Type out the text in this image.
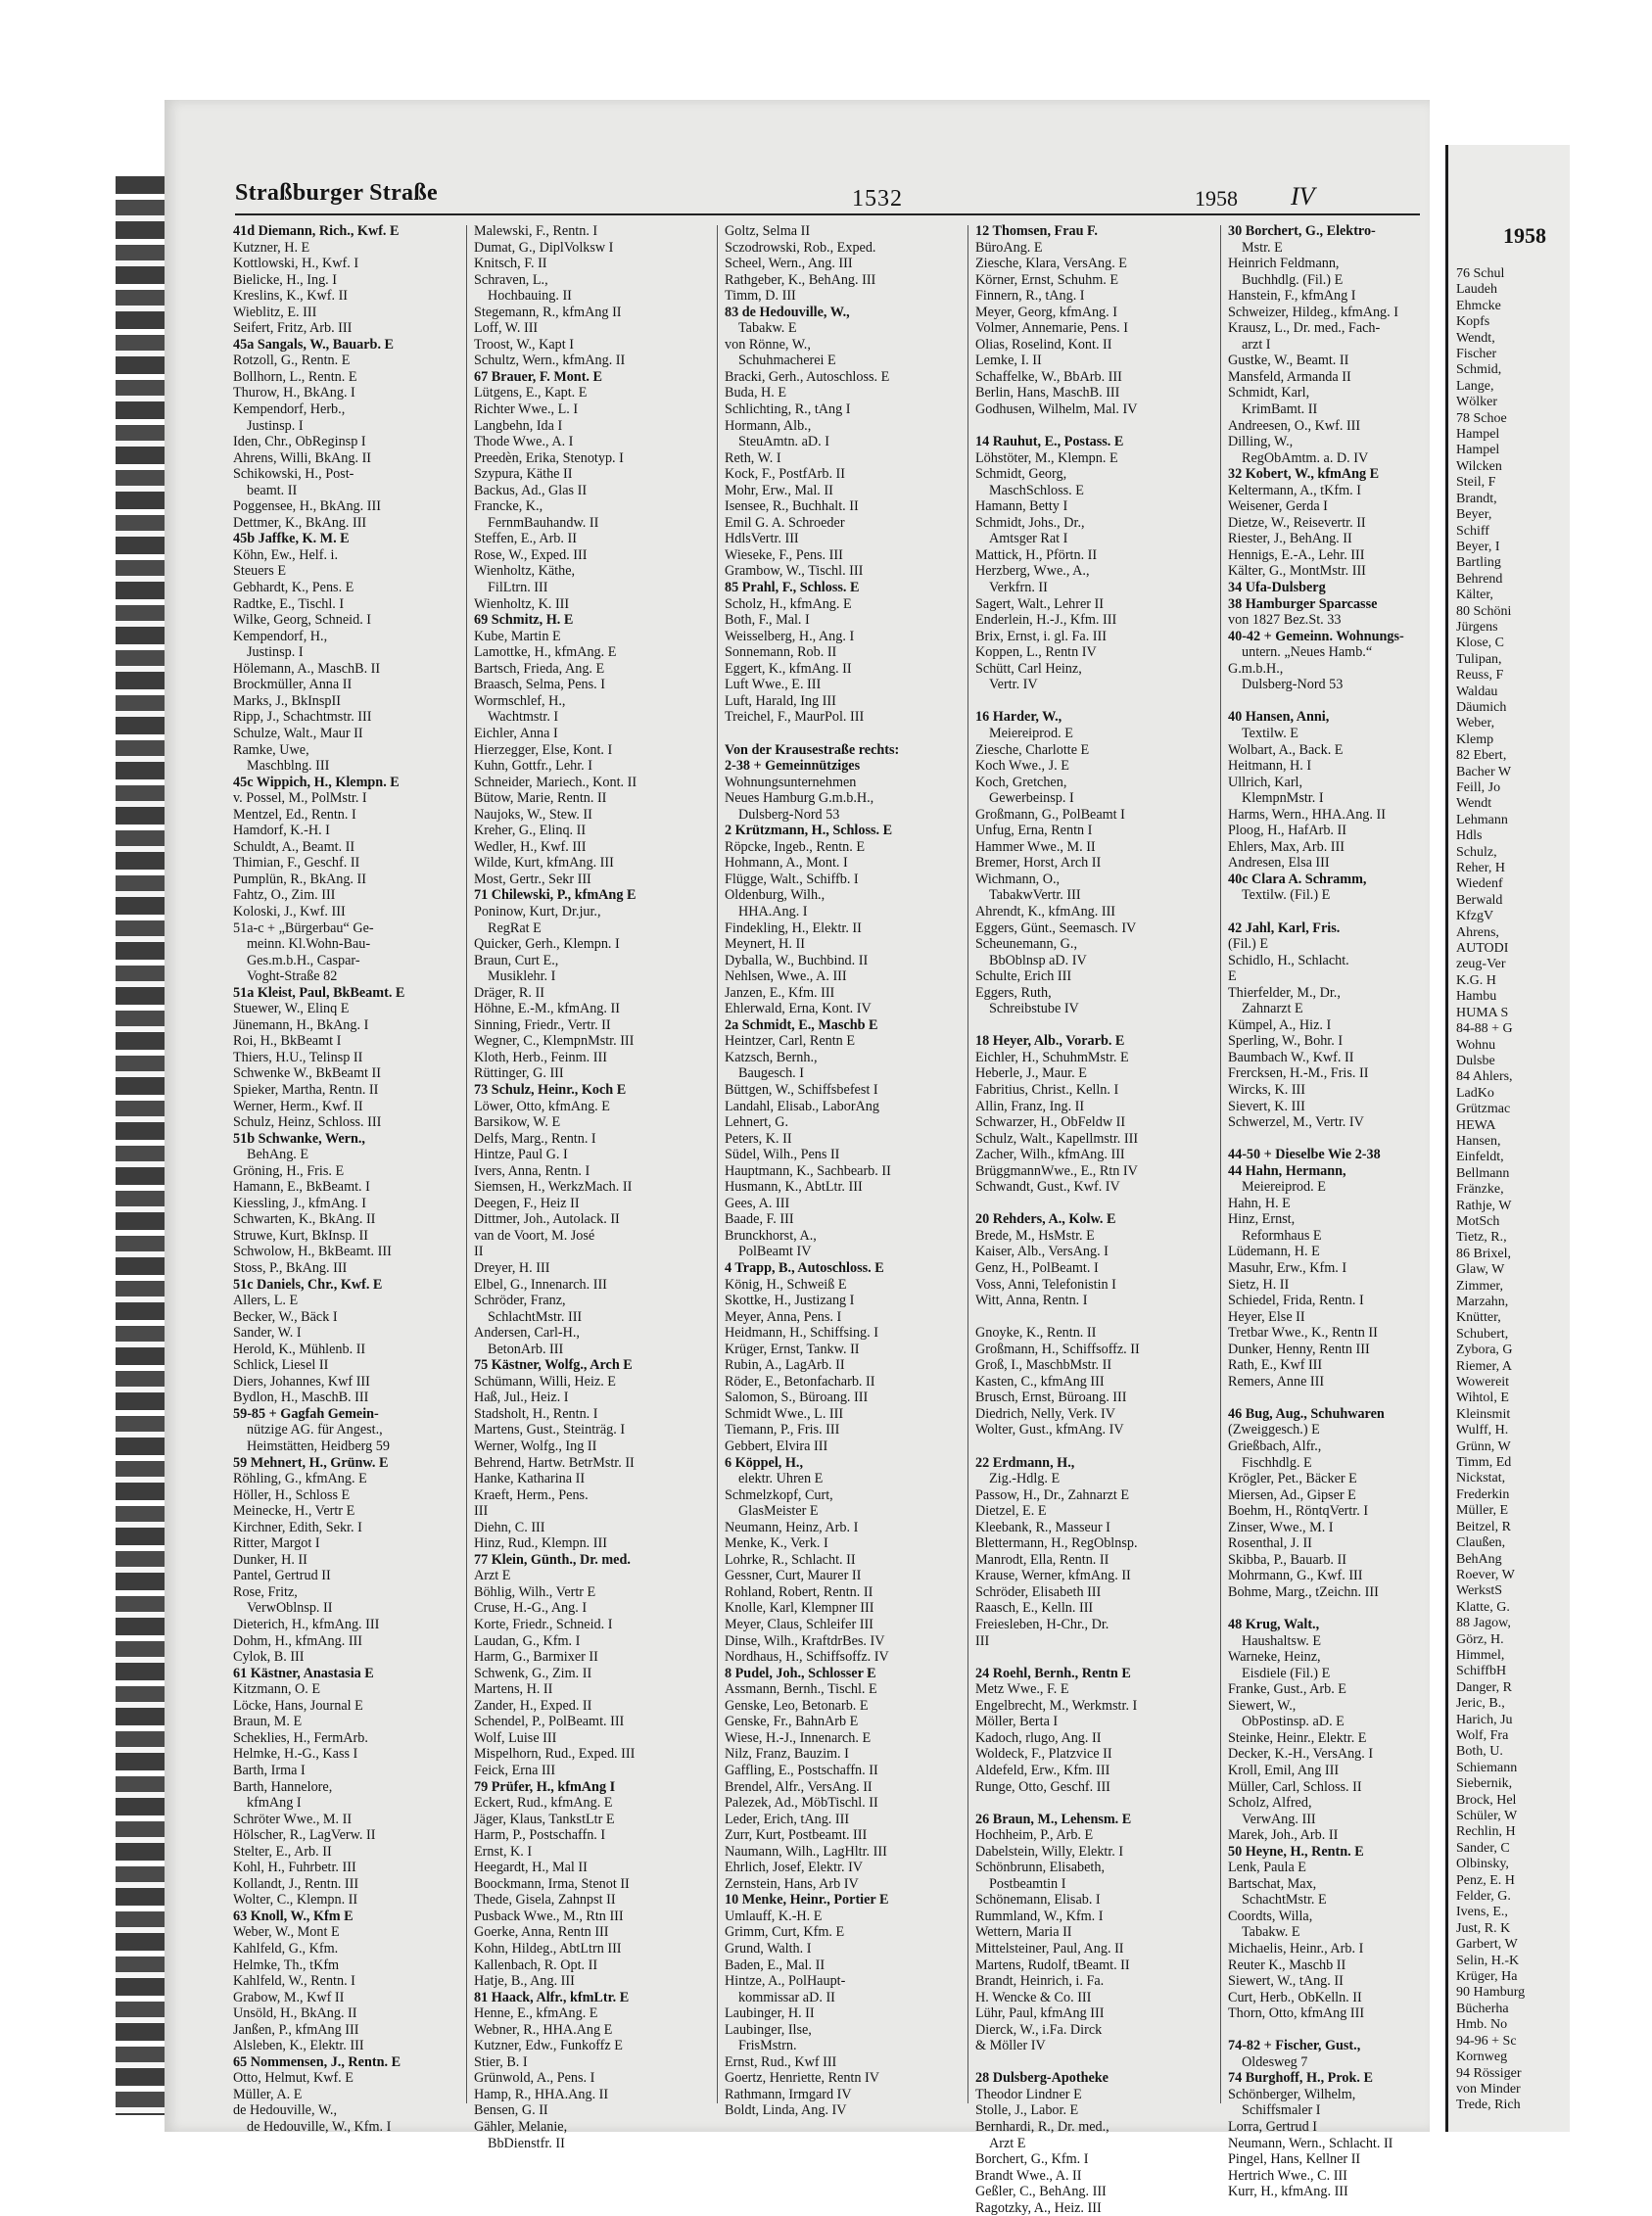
Straßburger Straße	1532	1958 IV
41d Diemann, Rich., Kwf. E
Kutzner, H. E
Kottlowski, H., Kwf. I
Bielicke, H., Ing. I
Kreslins, K., Kwf. II
Wieblitz, E. III
Seifert, Fritz, Arb. III
45a Sangals, W., Bauarb. E
Rotzoll, G., Rentn. E
Bollhorn, L., Rentn. E
Thurow, H., BkAng. I
Kempendorf, Herb.,
Justinsp. I
Iden, Chr., ObReginsp I
Ahrens, Willi, BkAng. II
Schikowski, H., Post-
beamt. II
Poggensee, H., BkAng. III
Dettmer, K., BkAng. III
45b Jaffke, K. M. E
Köhn, Ew., Helf. i.
Steuers E
Gebhardt, K., Pens. E
Radtke, E., Tischl. I
Wilke, Georg, Schneid. I
Kempendorf, H.,
Justinsp. I
Hölemann, A., MaschB. II
Brockmüller, Anna II
Marks, J., BkInspII
Ripp, J., Schachtmstr. III
Schulze, Walt., Maur II
Ramke, Uwe,
Maschblng. III
45c Wippich, H., Klempn. E
v. Possel, M., PolMstr. I
Mentzel, Ed., Rentn. I
Hamdorf, K.-H. I
Schuldt, A., Beamt. II
Thimian, F., Geschf. II
Pumplün, R., BkAng. II
Fahtz, O., Zim. III
Koloski, J., Kwf. III
51a-c + „Bürgerbau“ Ge-
meinn. Kl.Wohn-Bau-
Ges.m.b.H., Caspar-
Voght-Straße 82
51a Kleist, Paul, BkBeamt. E
Stuewer, W., Elinq E
Jünemann, H., BkAng. I
Roi, H., BkBeamt I
Thiers, H.U., Telinsp II
Schwenke W., BkBeamt II
Spieker, Martha, Rentn. II
Werner, Herm., Kwf. II
Schulz, Heinz, Schloss. III
51b Schwanke, Wern.,
BehAng. E
Gröning, H., Fris. E
Hamann, E., BkBeamt. I
Kiessling, J., kfmAng. I
Schwarten, K., BkAng. II
Struwe, Kurt, BkInsp. II
Schwolow, H., BkBeamt. III
Stoss, P., BkAng. III
51c Daniels, Chr., Kwf. E
Allers, L. E
Becker, W., Bäck I
Sander, W. I
Herold, K., Mühlenb. II
Schlick, Liesel II
Diers, Johannes, Kwf III
Bydlon, H., MaschB. III
59-85 + Gagfah Gemein-
nützige AG. für Angest.,
Heimstätten, Heidberg 59
59 Mehnert, H., Grünw. E
Röhling, G., kfmAng. E
Höller, H., Schloss E
Meinecke, H., Vertr E
Kirchner, Edith, Sekr. I
Ritter, Margot I
Dunker, H. II
Pantel, Gertrud II
Rose, Fritz,
VerwOblnsp. II
Dieterich, H., kfmAng. III
Dohm, H., kfmAng. III
Cylok, B. III
61 Kästner, Anastasia E
Kitzmann, O. E
Löcke, Hans, Journal E
Braun, M. E
Scheklies, H., FermArb.
Helmke, H.-G., Kass I
Barth, Irma I
Barth, Hannelore,
kfmAng I
Schröter Wwe., M. II
Hölscher, R., LagVerw. II
Stelter, E., Arb. II
Kohl, H., Fuhrbetr. III
Kollandt, J., Rentn. III
Wolter, C., Klempn. II
63 Knoll, W., Kfm E
Weber, W., Mont E
Kahlfeld, G., Kfm.
Helmke, Th., tKfm
Kahlfeld, W., Rentn. I
Grabow, M., Kwf II
Unsöld, H., BkAng. II
Janßen, P., kfmAng III
Alsleben, K., Elektr. III
65 Nommensen, J., Rentn. E
Otto, Helmut, Kwf. E
Müller, A. E
de Hedouville, W.,
de Hedouville, W., Kfm. I
Malewski, F., Rentn. I
Dumat, G., DiplVolksw I
Knitsch, F. II
Schraven, L.,
Hochbauing. II
Stegemann, R., kfmAng II
Loff, W. III
Troost, W., Kapt I
Schultz, Wern., kfmAng. II
67 Brauer, F. Mont. E
Lütgens, E., Kapt. E
Richter Wwe., L. I
Langbehn, Ida I
Thode Wwe., A. I
Preedèn, Erika, Stenotyp. I
Szypura, Käthe II
Backus, Ad., Glas II
Francke, K.,
FernmBauhandw. II
Steffen, E., Arb. II
Rose, W., Exped. III
Wienholtz, Käthe,
FilLtrn. III
Wienholtz, K. III
69 Schmitz, H. E
Kube, Martin E
Lamottke, H., kfmAng. E
Bartsch, Frieda, Ang. E
Braasch, Selma, Pens. I
Wormschlef, H.,
Wachtmstr. I
Eichler, Anna I
Hierzegger, Else, Kont. I
Kuhn, Gottfr., Lehr. I
Schneider, Mariech., Kont. II
Bütow, Marie, Rentn. II
Naujoks, W., Stew. II
Kreher, G., Elinq. II
Wedler, H., Kwf. III
Wilde, Kurt, kfmAng. III
Most, Gertr., Sekr III
71 Chilewski, P., kfmAng E
Poninow, Kurt, Dr.jur.,
RegRat E
Quicker, Gerh., Klempn. I
Braun, Curt E.,
Musiklehr. I
Dräger, R. II
Höhne, E.-M., kfmAng. II
Sinning, Friedr., Vertr. II
Wegner, C., KlempnMstr. III
Kloth, Herb., Feinm. III
Rüttinger, G. III
73 Schulz, Heinr., Koch E
Löwer, Otto, kfmAng. E
Barsikow, W. E
Delfs, Marg., Rentn. I
Hintze, Paul G. I
Ivers, Anna, Rentn. I
Siemsen, H., WerkzMach. II
Deegen, F., Heiz II
Dittmer, Joh., Autolack. II
van de Voort, M. José
II
Dreyer, H. III
Elbel, G., Innenarch. III
Schröder, Franz,
SchlachtMstr. III
Andersen, Carl-H.,
BetonArb. III
75 Kästner, Wolfg., Arch E
Schümann, Willi, Heiz. E
Haß, Jul., Heiz. I
Stadsholt, H., Rentn. I
Martens, Gust., Steinträg. I
Werner, Wolfg., Ing II
Behrend, Hartw. BetrMstr. II
Hanke, Katharina II
Kraeft, Herm., Pens.
III
Diehn, C. III
Hinz, Rud., Klempn. III
77 Klein, Günth., Dr. med.
Arzt E
Böhlig, Wilh., Vertr E
Cruse, H.-G., Ang. I
Korte, Friedr., Schneid. I
Laudan, G., Kfm. I
Harm, G., Barmixer II
Schwenk, G., Zim. II
Martens, H. II
Zander, H., Exped. II
Schendel, P., PolBeamt. III
Wolf, Luise III
Mispelhorn, Rud., Exped. III
Feick, Erna III
79 Prüfer, H., kfmAng I
Eckert, Rud., kfmAng. E
Jäger, Klaus, TankstLtr E
Harm, P., Postschaffn. I
Ernst, K. I
Heegardt, H., Mal II
Boockmann, Irma, Stenot II
Thede, Gisela, Zahnpst II
Pusback Wwe., M., Rtn III
Goerke, Anna, Rentn III
Kohn, Hildeg., AbtLtrn III
Kallenbach, R. Opt. II
Hatje, B., Ang. III
81 Haack, Alfr., kfmLtr. E
Henne, E., kfmAng. E
Webner, R., HHA.Ang E
Kutzner, Edw., Funkoffz E
Stier, B. I
Grünwold, A., Pens. I
Hamp, R., HHA.Ang. II
Bensen, G. II
Gähler, Melanie,
BbDienstfr. II
Goltz, Selma II
Sczodrowski, Rob., Exped.
Scheel, Wern., Ang. III
Rathgeber, K., BehAng. III
Timm, D. III
83 de Hedouville, W.,
Tabakw. E
von Rönne, W.,
Schuhmacherei E
Bracki, Gerh., Autoschloss. E
Buda, H. E
Schlichting, R., tAng I
Hormann, Alb.,
SteuAmtn. aD. I
Reth, W. I
Kock, F., PostfArb. II
Mohr, Erw., Mal. II
Isensee, R., Buchhalt. II
Emil G. A. Schroeder
HdlsVertr. III
Wieseke, F., Pens. III
Grambow, W., Tischl. III
85 Prahl, F., Schloss. E
Scholz, H., kfmAng. E
Both, F., Mal. I
Weisselberg, H., Ang. I
Sonnemann, Rob. II
Eggert, K., kfmAng. II
Luft Wwe., E. III
Luft, Harald, Ing III
Treichel, F., MaurPol. III

Von der Krausestraße rechts:
2-38 + Gemeinnütziges
Wohnungsunternehmen
Neues Hamburg G.m.b.H.,
Dulsberg-Nord 53
2 Krützmann, H., Schloss. E
Röpcke, Ingeb., Rentn. E
Hohmann, A., Mont. I
Flügge, Walt., Schiffb. I
Oldenburg, Wilh.,
HHA.Ang. I
Findekling, H., Elektr. II
Meynert, H. II
Dyballa, W., Buchbind. II
Nehlsen, Wwe., A. III
Janzen, E., Kfm. III
Ehlerwald, Erna, Kont. IV
2a Schmidt, E., Maschb E
Heintzer, Carl, Rentn E
Katzsch, Bernh.,
Baugesch. I
Büttgen, W., Schiffsbefest I
Landahl, Elisab., LaborAng
Lehnert, G.
Peters, K. II
Südel, Wilh., Pens II
Hauptmann, K., Sachbearb. II
Husmann, K., AbtLtr. III
Gees, A. III
Baade, F. III
Brunckhorst, A.,
PolBeamt IV
4 Trapp, B., Autoschloss. E
König, H., Schweiß E
Skottke, H., Justizang I
Meyer, Anna, Pens. I
Heidmann, H., Schiffsing. I
Krüger, Ernst, Tankw. II
Rubin, A., LagArb. II
Röder, E., Betonfacharb. II
Salomon, S., Büroang. III
Schmidt Wwe., L. III
Tiemann, P., Fris. III
Gebbert, Elvira III
6 Köppel, H.,
elektr. Uhren E
Schmelzkopf, Curt,
GlasMeister E
Neumann, Heinz, Arb. I
Menke, K., Verk. I
Lohrke, R., Schlacht. II
Gessner, Curt, Maurer II
Rohland, Robert, Rentn. II
Knolle, Karl, Klempner III
Meyer, Claus, Schleifer III
Dinse, Wilh., KraftdrBes. IV
Nordhaus, H., Schiffsoffz. IV
8 Pudel, Joh., Schlosser E
Assmann, Bernh., Tischl. E
Genske, Leo, Betonarb. E
Genske, Fr., BahnArb E
Wiese, H.-J., Innenarch. E
Nilz, Franz, Bauzim. I
Gaffling, E., Postschaffn. II
Brendel, Alfr., VersAng. II
Palezek, Ad., MöbTischl. II
Leder, Erich, tAng. III
Zurr, Kurt, Postbeamt. III
Naumann, Wilh., LagHltr. III
Ehrlich, Josef, Elektr. IV
Zernstein, Hans, Arb IV
10 Menke, Heinr., Portier E
Umlauff, K.-H. E
Grimm, Curt, Kfm. E
Grund, Walth. I
Baden, E., Mal. II
Hintze, A., PolHaupt-
kommissar aD. II
Laubinger, H. II
Laubinger, Ilse,
FrisMstrn.
Ernst, Rud., Kwf III
Goertz, Henriette, Rentn IV
Rathmann, Irmgard IV
Boldt, Linda, Ang. IV
12 Thomsen, Frau F.
BüroAng. E
Ziesche, Klara, VersAng. E
Körner, Ernst, Schuhm. E
Finnern, R., tAng. I
Meyer, Georg, kfmAng. I
Volmer, Annemarie, Pens. I
Olias, Roselind, Kont. II
Lemke, I. II
Schaffelke, W., BbArb. III
Berlin, Hans, MaschB. III
Godhusen, Wilhelm, Mal. IV

14 Rauhut, E., Postass. E
Löhstöter, M., Klempn. E
Schmidt, Georg,
MaschSchloss. E
Hamann, Betty I
Schmidt, Johs., Dr.,
Amtsger Rat I
Mattick, H., Pförtn. II
Herzberg, Wwe., A.,
Verkfrn. II
Sagert, Walt., Lehrer II
Enderlein, H.-J., Kfm. III
Brix, Ernst, i. gl. Fa. III
Koppen, L., Rentn IV
Schütt, Carl Heinz,
Vertr. IV

16 Harder, W.,
Meiereiprod. E
Ziesche, Charlotte E
Koch Wwe., J. E
Koch, Gretchen,
Gewerbeinsp. I
Großmann, G., PolBeamt I
Unfug, Erna, Rentn I
Hammer Wwe., M. II
Bremer, Horst, Arch II
Wichmann, O.,
TabakwVertr. III
Ahrendt, K., kfmAng. III
Eggers, Günt., Seemasch. IV
Scheunemann, G.,
BbOblnsp aD. IV
Schulte, Erich III
Eggers, Ruth,
Schreibstube IV

18 Heyer, Alb., Vorarb. E
Eichler, H., SchuhmMstr. E
Heberle, J., Maur. E
Fabritius, Christ., Kelln. I
Allin, Franz, Ing. II
Schwarzer, H., ObFeldw II
Schulz, Walt., Kapellmstr. III
Zacher, Wilh., kfmAng. III
BrüggmannWwe., E., Rtn IV
Schwandt, Gust., Kwf. IV

20 Rehders, A., Kolw. E
Brede, M., HsMstr. E
Kaiser, Alb., VersAng. I
Genz, H., PolBeamt. I
Voss, Anni, Telefonistin I
Witt, Anna, Rentn. I

Gnoyke, K., Rentn. II
Großmann, H., Schiffsoffz. II
Groß, I., MaschbMstr. II
Kasten, C., kfmAng III
Brusch, Ernst, Büroang. III
Diedrich, Nelly, Verk. IV
Wolter, Gust., kfmAng. IV

22 Erdmann, H.,
Zig.-Hdlg. E
Passow, H., Dr., Zahnarzt E
Dietzel, E. E
Kleebank, R., Masseur I
Blettermann, H., RegOblnsp.
Manrodt, Ella, Rentn. II
Krause, Werner, kfmAng. II
Schröder, Elisabeth III
Raasch, E., Kelln. III
Freiesleben, H-Chr., Dr.
III

24 Roehl, Bernh., Rentn E
Metz Wwe., F. E
Engelbrecht, M., Werkmstr. I
Möller, Berta I
Kadoch, rlugo, Ang. II
Woldeck, F., Platzvice II
Aldefeld, Erw., Kfm. III
Runge, Otto, Geschf. III

26 Braun, M., Lehensm. E
Hochheim, P., Arb. E
Dabelstein, Willy, Elektr. I
Schönbrunn, Elisabeth,
Postbeamtin I
Schönemann, Elisab. I
Rummland, W., Kfm. I
Wettern, Maria II
Mittelsteiner, Paul, Ang. II
Martens, Rudolf, tBeamt. II
Brandt, Heinrich, i. Fa.
H. Wencke & Co. III
Lühr, Paul, kfmAng III
Dierck, W., i.Fa. Dirck
& Möller IV

28 Dulsberg-Apotheke
Theodor Lindner E
Stolle, J., Labor. E
Bernhardi, R., Dr. med.,
Arzt E
Borchert, G., Kfm. I
Brandt Wwe., A. II
Geßler, C., BehAng. III
Ragotzky, A., Heiz. III
30 Borchert, G., Elektro-
Mstr. E
Heinrich Feldmann,
Buchhdlg. (Fil.) E
Hanstein, F., kfmAng I
Schweizer, Hildeg., kfmAng. I
Krausz, L., Dr. med., Fach-
arzt I
Gustke, W., Beamt. II
Mansfeld, Armanda II
Schmidt, Karl,
KrimBamt. II
Andreesen, O., Kwf. III
Dilling, W.,
RegObAmtm. a. D. IV
32 Kobert, W., kfmAng E
Keltermann, A., tKfm. I
Weisener, Gerda I
Dietze, W., Reisevertr. II
Riester, J., BehAng. II
Hennigs, E.-A., Lehr. III
Kälter, G., MontMstr. III
34 Ufa-Dulsberg
38 Hamburger Sparcasse
von 1827 Bez.St. 33
40-42 + Gemeinn. Wohnungs-
untern. „Neues Hamb.“
G.m.b.H.,
Dulsberg-Nord 53

40 Hansen, Anni,
Textilw. E
Wolbart, A., Back. E
Heitmann, H. I
Ullrich, Karl,
KlempnMstr. I
Harms, Wern., HHA.Ang. II
Ploog, H., HafArb. II
Ehlers, Max, Arb. III
Andresen, Elsa III
40c Clara A. Schramm,
Textilw. (Fil.) E

42 Jahl, Karl, Fris.
(Fil.) E
Schidlo, H., Schlacht.
E
Thierfelder, M., Dr.,
Zahnarzt E
Kümpel, A., Hiz. I
Sperling, W., Bohr. I
Baumbach W., Kwf. II
Frercksen, H.-M., Fris. II
Wircks, K. III
Sievert, K. III
Schwerzel, M., Vertr. IV

44-50 + Dieselbe Wie 2-38
44 Hahn, Hermann,
Meiereiprod. E
Hahn, H. E
Hinz, Ernst,
Reformhaus E
Lüdemann, H. E
Masuhr, Erw., Kfm. I
Sietz, H. II
Schiedel, Frida, Rentn. I
Heyer, Else II
Tretbar Wwe., K., Rentn II
Dunker, Henny, Rentn III
Rath, E., Kwf III
Remers, Anne III

46 Bug, Aug., Schuhwaren
(Zweiggesch.) E
Grießbach, Alfr.,
Fischhdlg. E
Krögler, Pet., Bäcker E
Miersen, Ad., Gipser E
Boehm, H., RöntqVertr. I
Zinser, Wwe., M. I
Rosenthal, J. II
Skibba, P., Bauarb. II
Mohrmann, G., Kwf. III
Bohme, Marg., tZeichn. III

48 Krug, Walt.,
Haushaltsw. E
Warneke, Heinz,
Eisdiele (Fil.) E
Franke, Gust., Arb. E
Siewert, W.,
ObPostinsp. aD. E
Steinke, Heinr., Elektr. E
Decker, K.-H., VersAng. I
Kroll, Emil, Ang III
Müller, Carl, Schloss. II
Scholz, Alfred,
VerwAng. III
Marek, Joh., Arb. II
50 Heyne, H., Rentn. E
Lenk, Paula E
Bartschat, Max,
SchachtMstr. E
Coordts, Willa,
Tabakw. E
Michaelis, Heinr., Arb. I
Reuter K., Maschb II
Siewert, W., tAng. II
Curt, Herb., ObKelln. II
Thorn, Otto, kfmAng III

74-82 + Fischer, Gust.,
Oldesweg 7
74 Burghoff, H., Prok. E
Schönberger, Wilhelm,
Schiffsmaler I
Lorra, Gertrud I
Neumann, Wern., Schlacht. II
Pingel, Hans, Kellner II
Hertrich Wwe., C. III
Kurr, H., kfmAng. III
1958
76 Schul
Laudeh
Ehmcke
Kopfs
Wendt,
Fischer
Schmid,
Lange,
Wölker
78 Schoe
Hampel
Hampel
Wilcken
Steil, F
Brandt,
Beyer,
Schiff
Beyer, I
Bartling
Behrend
Kälter,
80 Schöni
Jürgens
Klose, C
Tulipan,
Reuss, F
Waldau
Däumich
Weber,
Klemp
82 Ebert,
Bacher W
Feill, Jo
Wendt
Lehmann
Hdls
Schulz,
Reher, H
Wiedenf
Berwald
KfzgV
Ahrens,
AUTODI
zeug-Ver
K.G. H
Hambu
HUMA S
84-88 + G
Wohnu
Dulsbe
84 Ahlers,
LadKo
Grützmac
HEWA
Hansen,
Einfeldt,
Bellmann
Fränzke,
Rathje, W
MotSch
Tietz, R.,
86 Brixel,
Glaw, W
Zimmer,
Marzahn,
Knütter,
Schubert,
Zybora, G
Riemer, A
Wowereit
Wihtol, E
Kleinsmit
Wulff, H.
Grünn, W
Timm, Ed
Nickstat,
Frederkin
Müller, E
Beitzel, R
Claußen,
BehAng
Roever, W
WerkstS
Klatte, G.
88 Jagow,
Görz, H.
Himmel,
SchiffbH
Danger, R
Jeric, B.,
Harich, Ju
Wolf, Fra
Both, U.
Schiemann
Siebernik,
Brock, Hel
Schüler, W
Rechlin, H
Sander, C
Olbinsky,
Penz, E. H
Felder, G.
Ivens, E.,
Just, R. K
Garbert, W
Selin, H.-K
Krüger, Ha
90 Hamburg
Bücherha
Hmb. No
94-96 + Sc
Kornweg
94 Rössiger
von Minder
Trede, Rich
